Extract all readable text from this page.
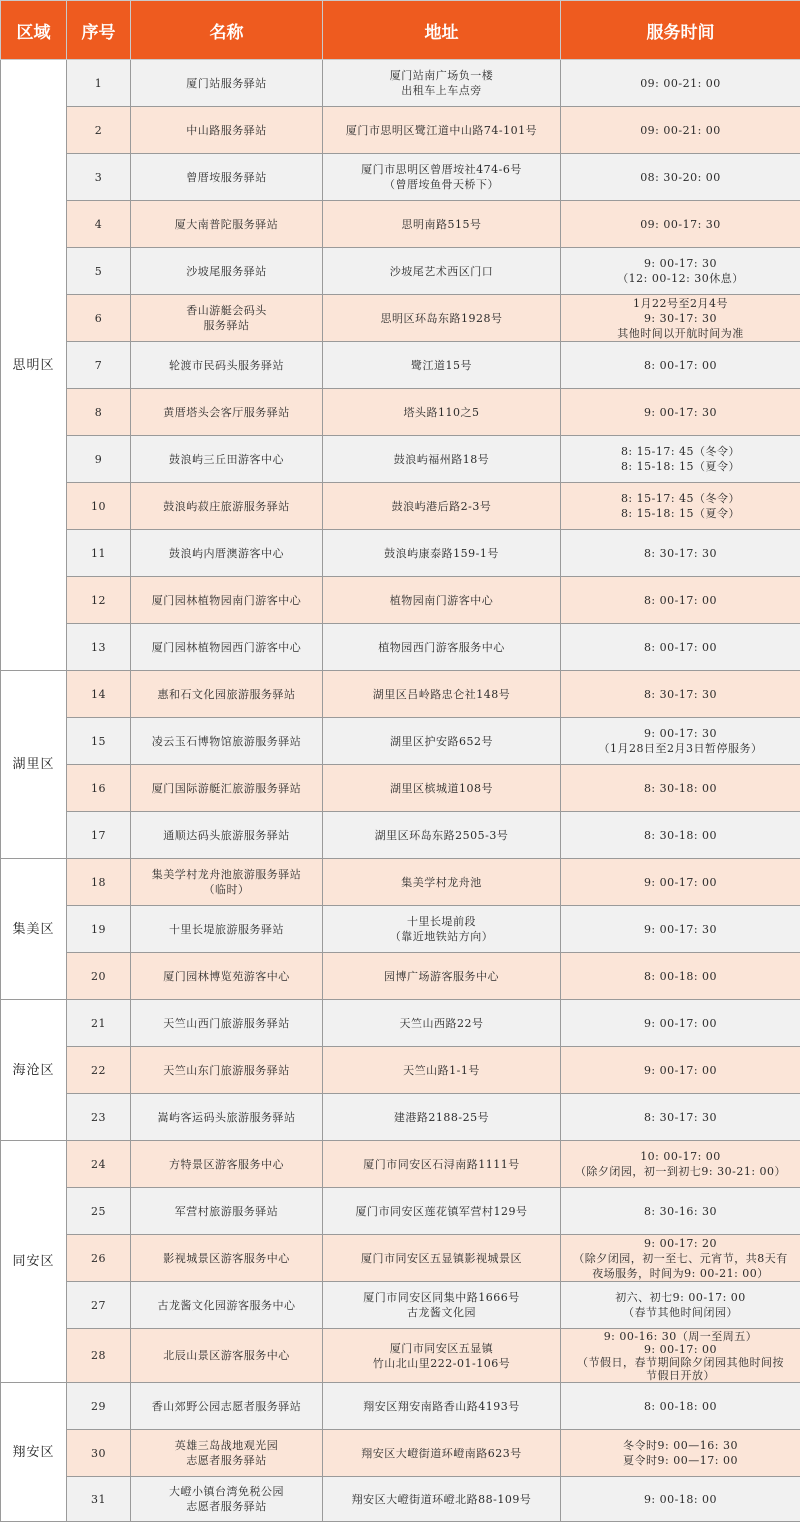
区域	序号	名称	地址	服务时间
思明区	1	厦门站服务驿站	厦门站南广场负一楼
出租车上车点旁	09: 00-21: 00

	2	中山路服务驿站	厦门市思明区鹭江道中山路74-101号	09: 00-21: 00

	3	曾厝垵服务驿站	厦门市思明区曾厝垵社474-6号
（曾厝垵鱼骨天桥下）	08: 30-20: 00

	4	厦大南普陀服务驿站	思明南路515号	09: 00-17: 30

	5	沙坡尾服务驿站	沙坡尾艺术西区门口	9: 00-17: 30
（12: 00-12: 30休息）

	6	香山游艇会码头
服务驿站	思明区环岛东路1928号	1月22号至2月4号
9: 30-17: 30
其他时间以开航时间为准

	7	轮渡市民码头服务驿站	鹭江道15号	8: 00-17: 00

	8	黄厝塔头会客厅服务驿站	塔头路110之5	9: 00-17: 30

	9	鼓浪屿三丘田游客中心	鼓浪屿福州路18号	8: 15-17: 45（冬令）
8: 15-18: 15（夏令）

	10	鼓浪屿菽庄旅游服务驿站	鼓浪屿港后路2-3号	8: 15-17: 45（冬令）
8: 15-18: 15（夏令）

	11	鼓浪屿内厝澳游客中心	鼓浪屿康泰路159-1号	8: 30-17: 30

	12	厦门园林植物园南门游客中心	植物园南门游客中心	8: 00-17: 00

	13	厦门园林植物园西门游客中心	植物园西门游客服务中心	8: 00-17: 00

湖里区	14	惠和石文化园旅游服务驿站	湖里区吕岭路忠仑社148号	8: 30-17: 30

	15	凌云玉石博物馆旅游服务驿站	湖里区护安路652号	9: 00-17: 30
（1月28日至2月3日暂停服务）

	16	厦门国际游艇汇旅游服务驿站	湖里区槟城道108号	8: 30-18: 00

	17	通顺达码头旅游服务驿站	湖里区环岛东路2505-3号	8: 30-18: 00

集美区	18	集美学村龙舟池旅游服务驿站
（临时）	集美学村龙舟池	9: 00-17: 00

	19	十里长堤旅游服务驿站	十里长堤前段
（靠近地铁站方向）	9: 00-17: 30

	20	厦门园林博览苑游客中心	园博广场游客服务中心	8: 00-18: 00

海沧区	21	天竺山西门旅游服务驿站	天竺山西路22号	9: 00-17: 00

	22	天竺山东门旅游服务驿站	天竺山路1-1号	9: 00-17: 00

	23	嵩屿客运码头旅游服务驿站	建港路2188-25号	8: 30-17: 30

同安区	24	方特景区游客服务中心	厦门市同安区石浔南路1111号	10: 00-17: 00
（除夕闭园，初一到初七9: 30-21: 00）

	25	军营村旅游服务驿站	厦门市同安区莲花镇军营村129号	8: 30-16: 30

	26	影视城景区游客服务中心	厦门市同安区五显镇影视城景区	9: 00-17: 20
（除夕闭园，初一至七、元宵节，共8天有
夜场服务，时间为9: 00-21: 00）

	27	古龙酱文化园游客服务中心	厦门市同安区同集中路1666号
古龙酱文化园	初六、初七9: 00-17: 00
（春节其他时间闭园）

	28	北辰山景区游客服务中心	厦门市同安区五显镇
竹山北山里222-01-106号	9: 00-16: 30（周一至周五）
9: 00-17: 00
（节假日，春节期间除夕闭园其他时间按
节假日开放）

翔安区	29	香山郊野公园志愿者服务驿站	翔安区翔安南路香山路4193号	8: 00-18: 00

	30	英雄三岛战地观光园
志愿者服务驿站	翔安区大嶝街道环嶝南路623号	冬令时9: 00—16: 30
夏令时9: 00—17: 00

	31	大嶝小镇台湾免税公园
志愿者服务驿站	翔安区大嶝街道环嶝北路88-109号	9: 00-18: 00
